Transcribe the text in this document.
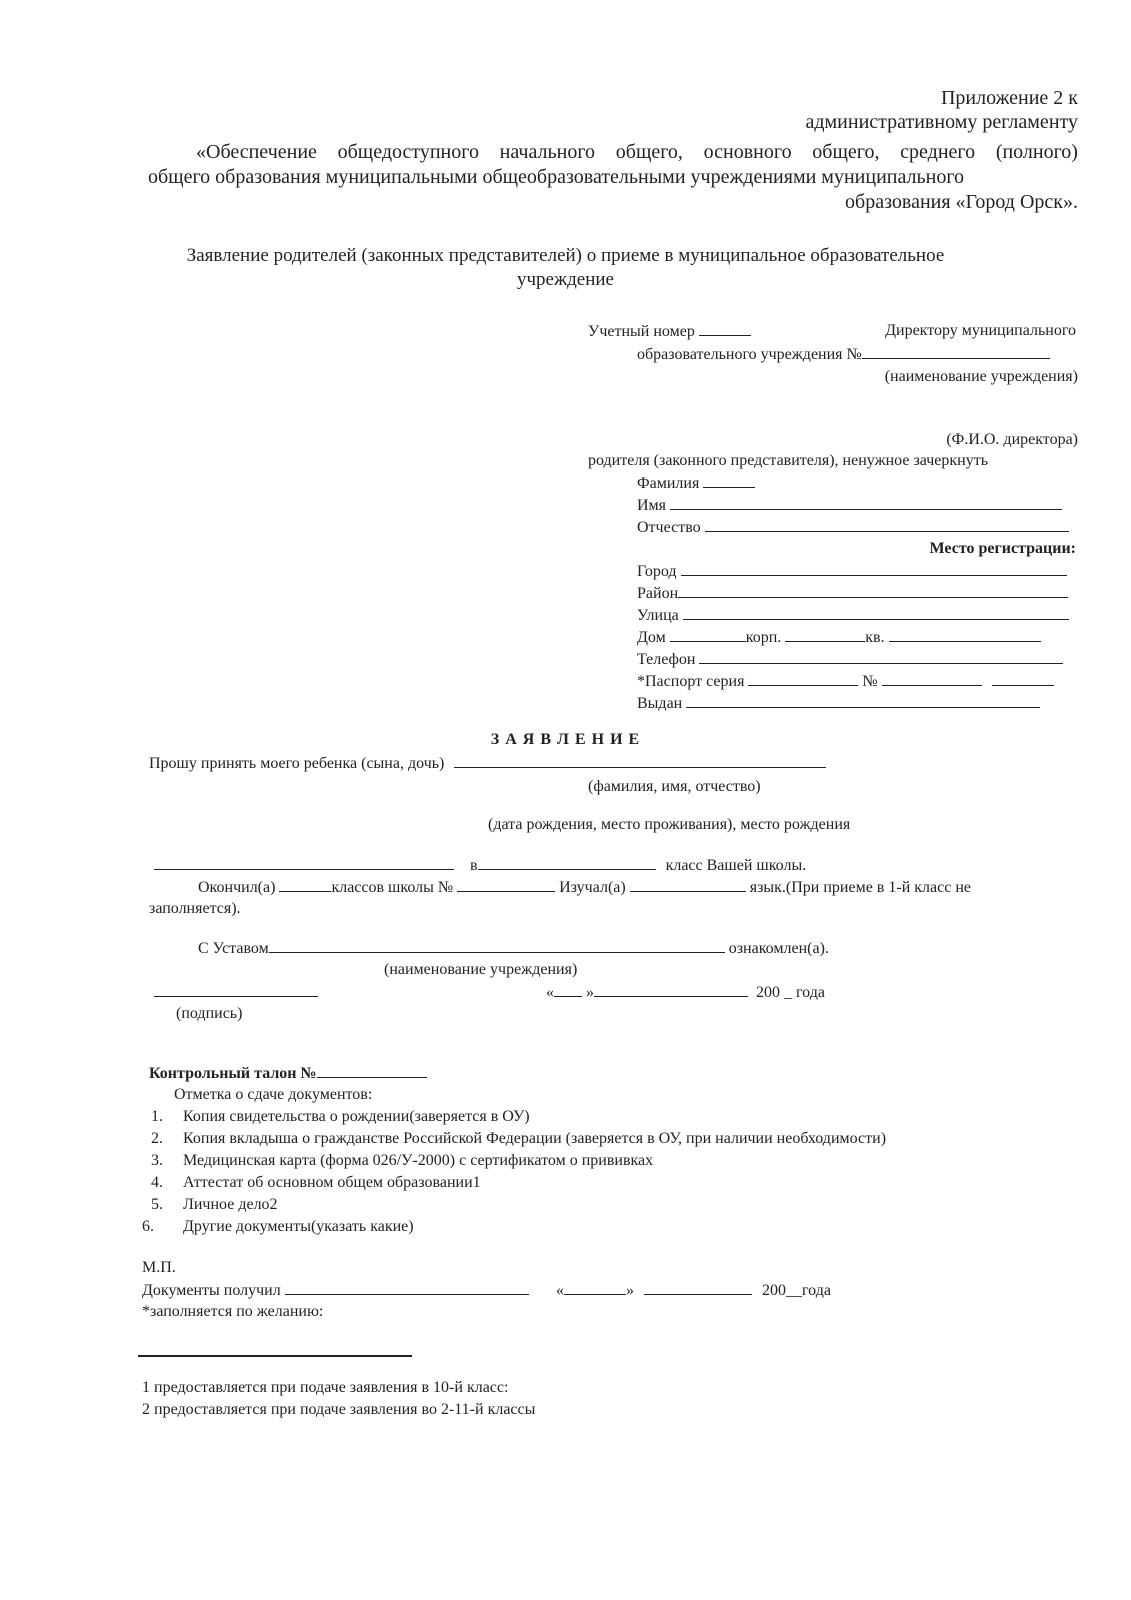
Приложение 2 к
административному регламенту
«Обеспечение общедоступного начального общего, основного общего, среднего (полного)
общего образования муниципальными общеобразовательными учреждениями муниципального
образования «Город Орск».
Заявление родителей (законных представителей) о приеме в муниципальное образовательное
учреждение
Учетный номер	Директору муниципального
образовательного учреждения №
(наименование учреждения)
(Ф.И.О. директора)
родителя (законного представителя), ненужное зачеркнуть
Фамилия
Имя
Отчество
Место регистрации:
Город
Район
Улица
Дом	корп.	кв.
Телефон
*Паспорт серия	№
Выдан
З А Я В Л Е Н И Е
Прошу принять моего ребенка (сына, дочь)
(фамилия, имя, отчество)
(дата рождения, место проживания), место рождения
в	класс Вашей школы.
Окончил(а)	классов школы №	Изучал(а)	язык.(При приеме в 1-й класс не
заполняется).
С Уставом	ознакомлен(а).
(наименование учреждения)
« »	200 _ года
(подпись)
Контрольный талон №
Отметка о сдаче документов:
1. Копия свидетельства о рождении(заверяется в ОУ)
2. Копия вкладыша о гражданстве Российской Федерации (заверяется в ОУ, при наличии необходимости)
3. Медицинская карта (форма 026/У-2000) с сертификатом о прививках
4. Аттестат об основном общем образовании1
5. Личное дело2
6. Другие документы(указать какие)
М.П.
Документы получил	«	»	200__года
*заполняется по желанию:
1 предоставляется при подаче заявления в 10-й класс:
2 предоставляется при подаче заявления во 2-11-й классы
